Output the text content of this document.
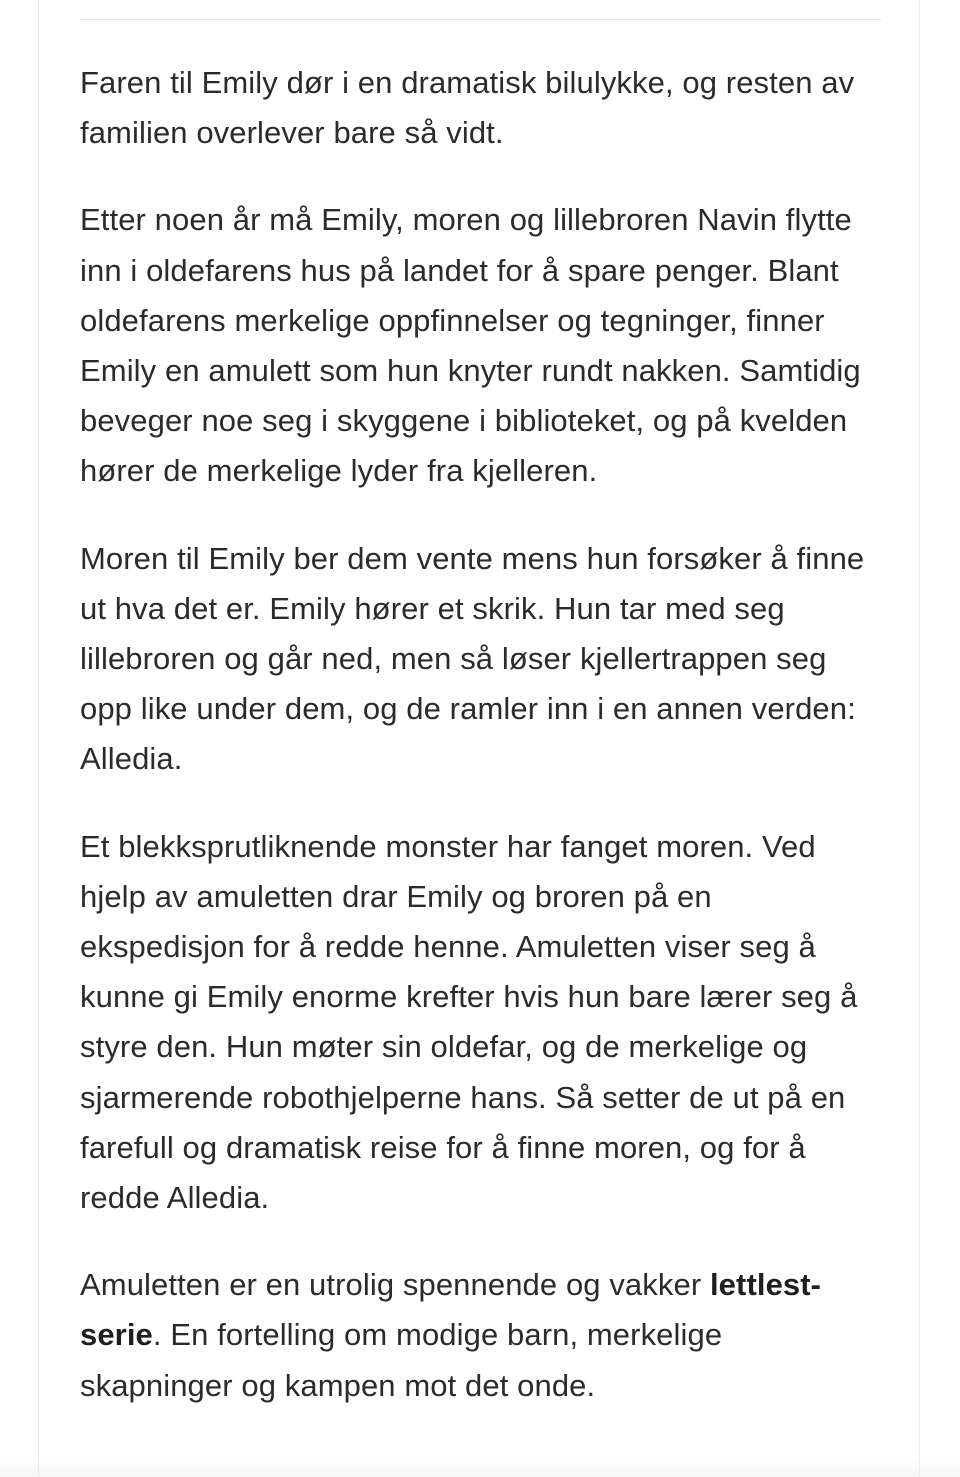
Faren til Emily dør i en dramatisk bilulykke, og resten av familien overlever bare så vidt.

Etter noen år må Emily, moren og lillebroren Navin flytte inn i oldefarens hus på landet for å spare penger. Blant oldefarens merkelige oppfinnelser og tegninger, finner Emily en amulett som hun knyter rundt nakken. Samtidig beveger noe seg i skyggene i biblioteket, og på kvelden hører de merkelige lyder fra kjelleren.

Moren til Emily ber dem vente mens hun forsøker å finne ut hva det er. Emily hører et skrik. Hun tar med seg lillebroren og går ned, men så løser kjellertrappen seg opp like under dem, og de ramler inn i en annen verden: Alledia.

Et blekksprutliknende monster har fanget moren. Ved hjelp av amuletten drar Emily og broren på en ekspedisjon for å redde henne. Amuletten viser seg å kunne gi Emily enorme krefter hvis hun bare lærer seg å styre den. Hun møter sin oldefar, og de merkelige og sjarmerende robothjelperne hans. Så setter de ut på en farefull og dramatisk reise for å finne moren, og for å redde Alledia.

Amuletten er en utrolig spennende og vakker lettlest-serie. En fortelling om modige barn, merkelige skapninger og kampen mot det onde.
